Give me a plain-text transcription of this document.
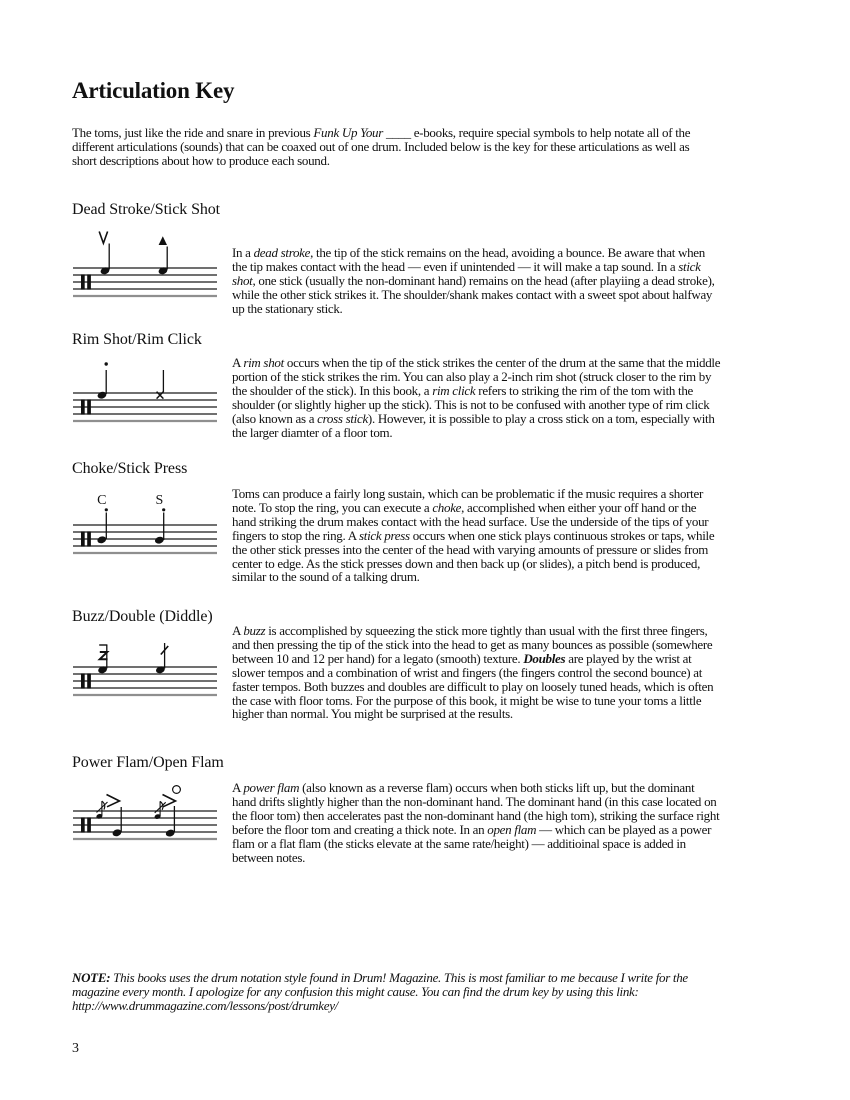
Articulation Key
The toms, just like the ride and snare in previous Funk Up Your ____ e-books, require special symbols to help notate all of the
different articulations (sounds) that can be coaxed out of one drum. Included below is the key for these articulations as well as
short descriptions about how to produce each sound.
Dead Stroke/Stick Shot
In a dead stroke, the tip of the stick remains on the head, avoiding a bounce. Be aware that when
the tip makes contact with the head — even if unintended — it will make a tap sound. In a stick
shot, one stick (usually the non-dominant hand) remains on the head (after playiing a dead stroke),
while the other stick strikes it. The shoulder/shank makes contact with a sweet spot about halfway
up the stationary stick.
Rim Shot/Rim Click
A rim shot occurs when the tip of the stick strikes the center of the drum at the same that the middle
portion of the stick strikes the rim. You can also play a 2-inch rim shot (struck closer to the rim by
the shoulder of the stick). In this book, a rim click refers to striking the rim of the tom with the
shoulder (or slightly higher up the stick). This is not to be confused with another type of rim click
(also known as a cross stick). However, it is possible to play a cross stick on a tom, especially with
the larger diamter of a floor tom.
Choke/Stick Press
C	S	Toms can produce a fairly long sustain, which can be problematic if the music requires a shorter
note. To stop the ring, you can execute a choke, accomplished when either your off hand or the
hand striking the drum makes contact with the head surface. Use the underside of the tips of your
fingers to stop the ring. A stick press occurs when one stick plays continuous strokes or taps, while
the other stick presses into the center of the head with varying amounts of pressure or slides from
center to edge. As the stick presses down and then back up (or slides), a pitch bend is produced,
similar to the sound of a talking drum.
Buzz/Double (Diddle)
A buzz is accomplished by squeezing the stick more tightly than usual with the first three fingers,
and then pressing the tip of the stick into the head to get as many bounces as possible (somewhere
between 10 and 12 per hand) for a legato (smooth) texture. Doubles are played by the wrist at
slower tempos and a combination of wrist and fingers (the fingers control the second bounce) at
faster tempos. Both buzzes and doubles are difficult to play on loosely tuned heads, which is often
the case with floor toms. For the purpose of this book, it might be wise to tune your toms a little
higher than normal. You might be surprised at the results.
Power Flam/Open Flam
A power flam (also known as a reverse flam) occurs when both sticks lift up, but the dominant
hand drifts slightly higher than the non-dominant hand. The dominant hand (in this case located on
the floor tom) then accelerates past the non-dominant hand (the high tom), striking the surface right
before the floor tom and creating a thick note. In an open flam — which can be played as a power
flam or a flat flam (the sticks elevate at the same rate/height) — additioinal space is added in
between notes.
NOTE: This books uses the drum notation style found in Drum! Magazine. This is most familiar to me because I write for the
magazine every month. I apologize for any confusion this might cause. You can find the drum key by using this link:
http://www.drummagazine.com/lessons/post/drumkey/
3
